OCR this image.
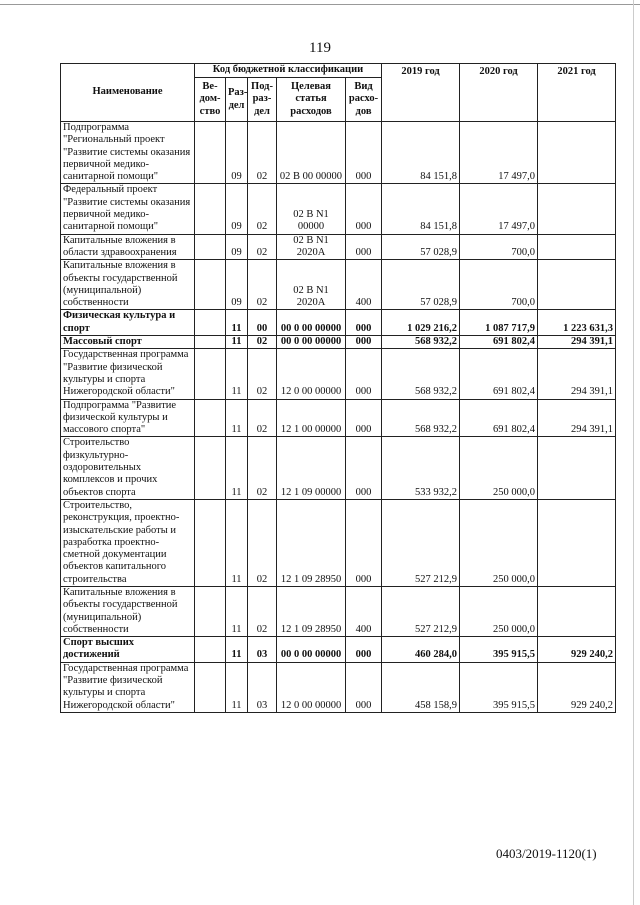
119
Наименование	Код бюджетной классификации					2019 год	2020 год	2021 год
	Ве-дом-ство	Раз-дел	Под-раз-дел	Целевая статья расходов	Вид расхо-дов			
Подпрограмма "Региональный проект "Развитие системы оказания первичной медико-санитарной помощи"		09	02	02 В 00 00000	000	84 151,8	17 497,0	
Федеральный проект "Развитие системы оказания первичной медико-санитарной помощи"		09	02	02 В N1 00000	000	84 151,8	17 497,0	
Капитальные вложения в области здравоохранения		09	02	02 В N1 2020А	000	57 028,9	700,0	
Капитальные вложения в объекты государственной (муниципальной) собственности		09	02	02 В N1 2020А	400	57 028,9	700,0	
Физическая культура и спорт		11	00	00 0 00 00000	000	1 029 216,2	1 087 717,9	1 223 631,3
Массовый спорт		11	02	00 0 00 00000	000	568 932,2	691 802,4	294 391,1
Государственная программа "Развитие физической культуры и спорта Нижегородской области"		11	02	12 0 00 00000	000	568 932,2	691 802,4	294 391,1
Подпрограмма "Развитие физической культуры и массового спорта"		11	02	12 1 00 00000	000	568 932,2	691 802,4	294 391,1
Строительство физкультурно-оздоровительных комплексов и прочих объектов спорта		11	02	12 1 09 00000	000	533 932,2	250 000,0	
Строительство, реконструкция, проектно-изыскательские работы и разработка проектно-сметной документации объектов капитального строительства		11	02	12 1 09 28950	000	527 212,9	250 000,0	
Капитальные вложения в объекты государственной (муниципальной) собственности		11	02	12 1 09 28950	400	527 212,9	250 000,0	
Спорт высших достижений		11	03	00 0 00 00000	000	460 284,0	395 915,5	929 240,2
Государственная программа "Развитие физической культуры и спорта Нижегородской области"		11	03	12 0 00 00000	000	458 158,9	395 915,5	929 240,2
0403/2019-1120(1)
